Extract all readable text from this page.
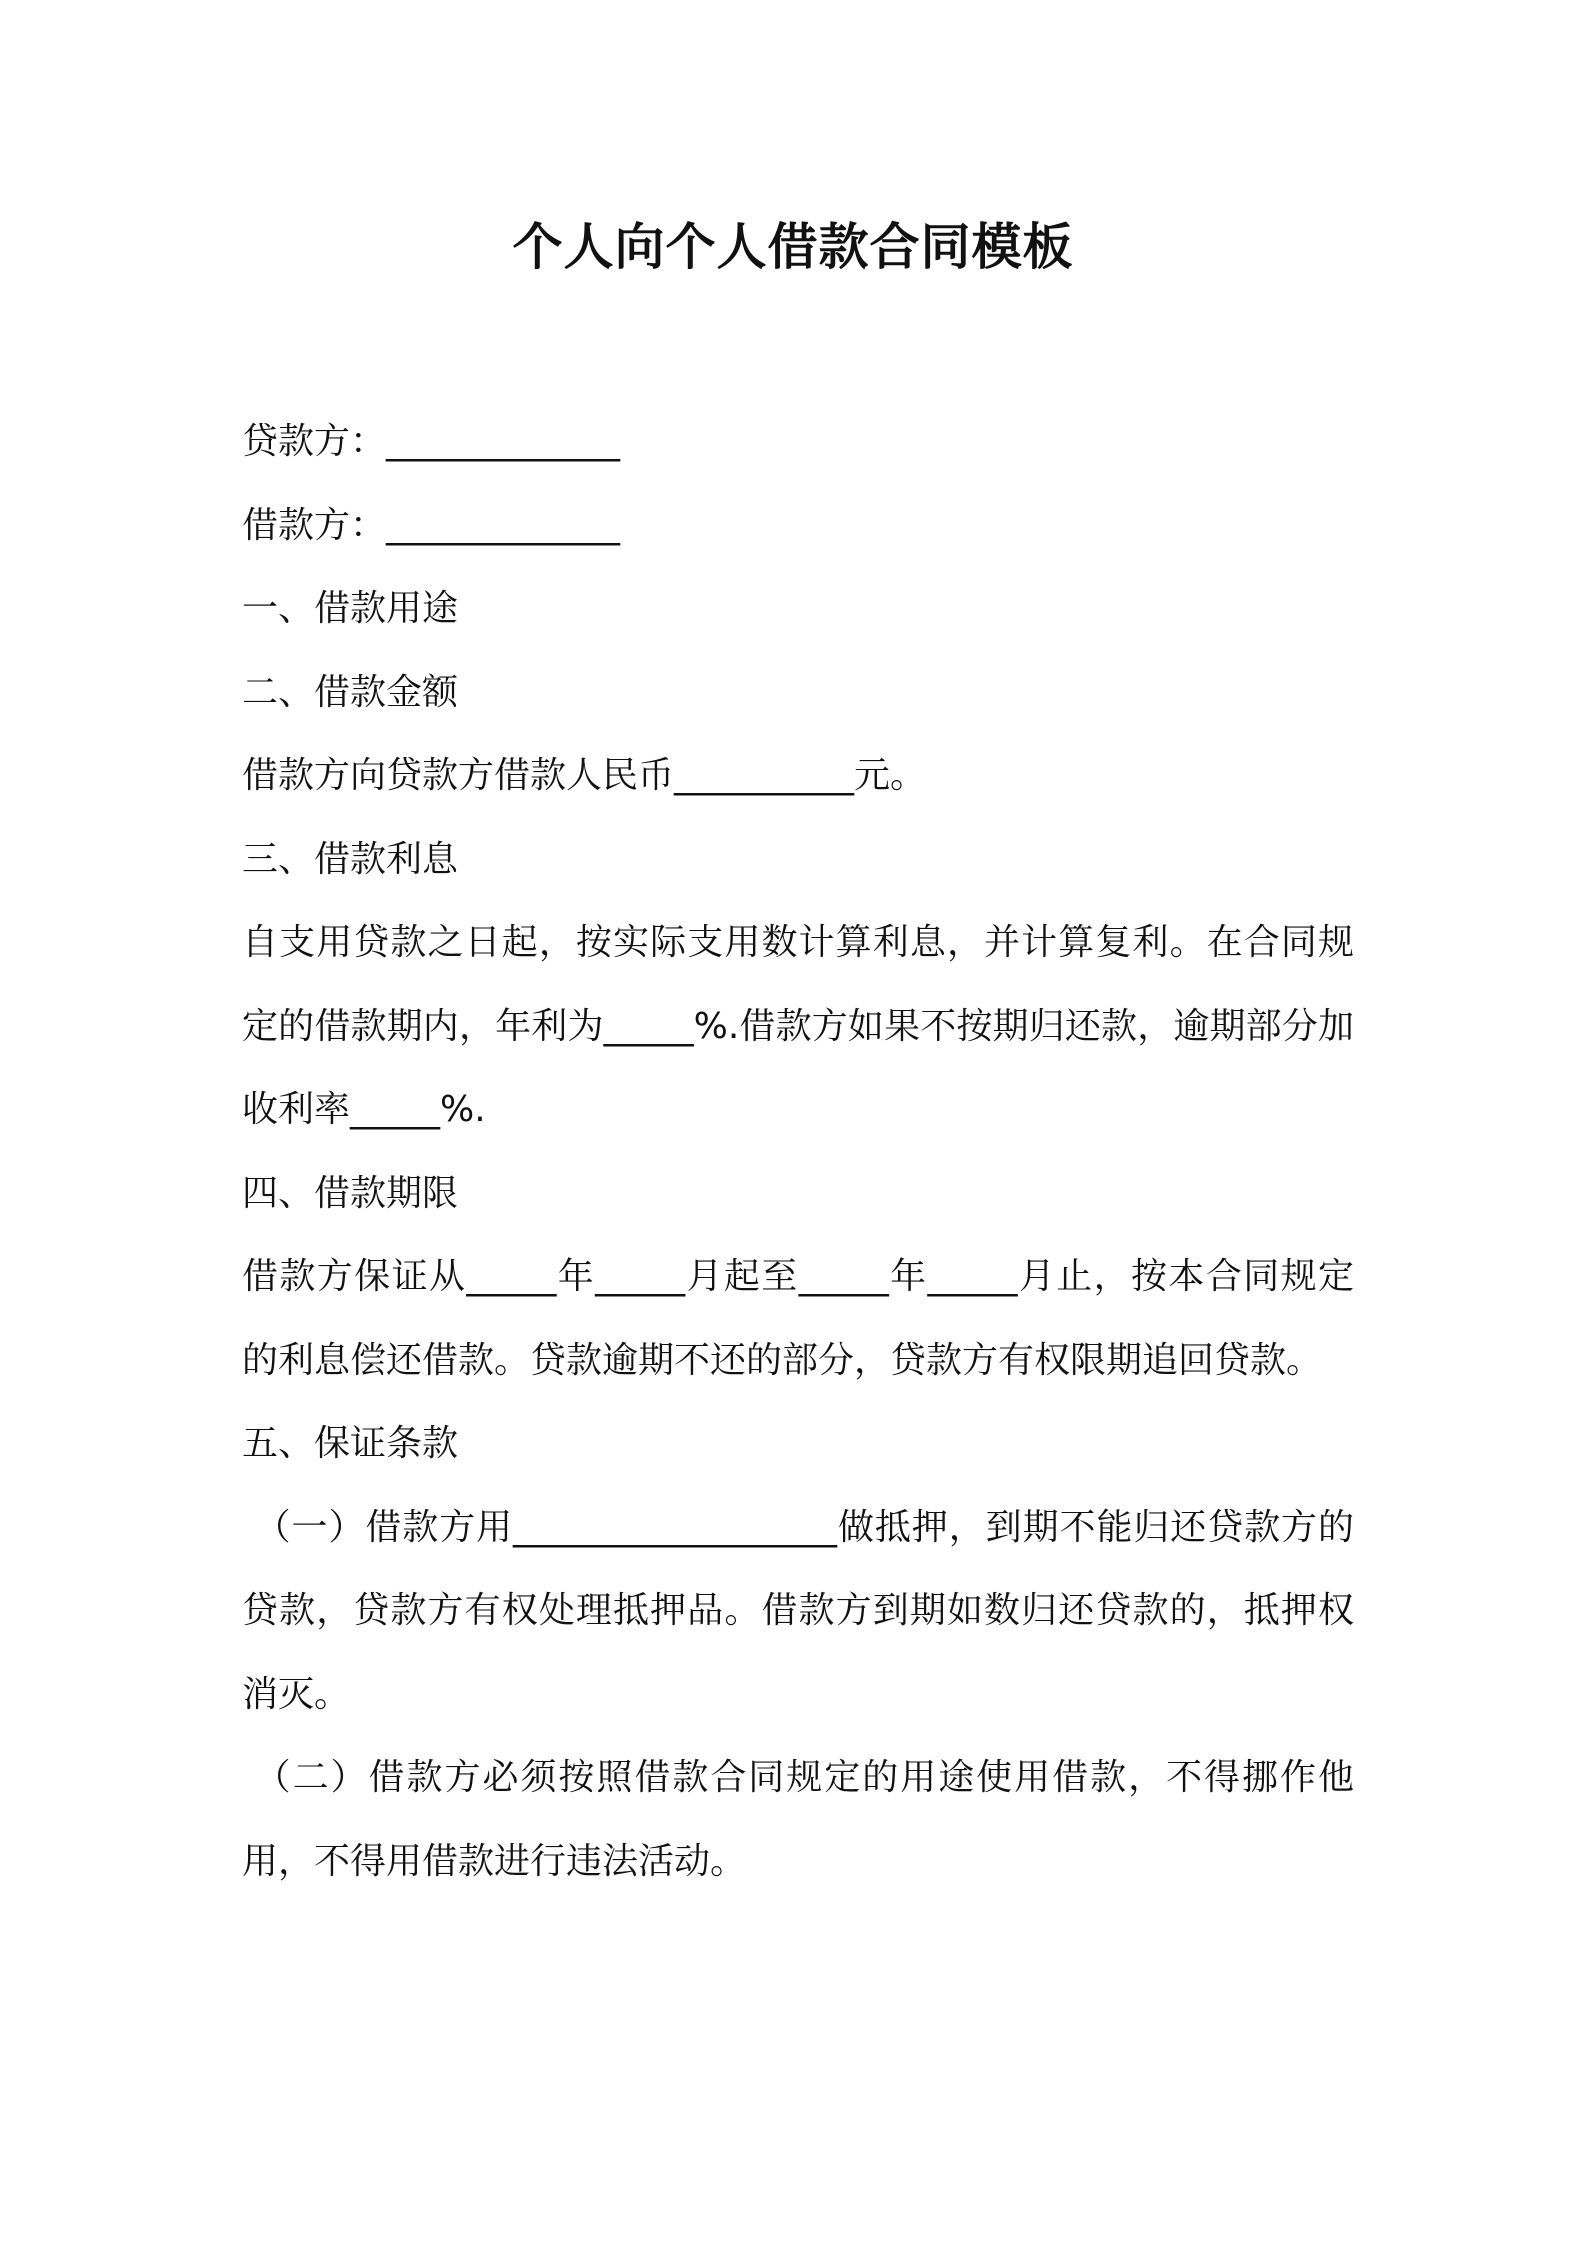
个人向个人借款合同模板

贷款方：_____________

借款方：_____________

一、借款用途

二、借款金额

借款方向贷款方借款人民币__________元。

三、借款利息

自支用贷款之日起，按实际支用数计算利息，并计算复利。在合同规定的借款期内，年利为_____%.借款方如果不按期归还款，逾期部分加收利率_____%.

四、借款期限

借款方保证从_____年_____月起至_____年_____月止，按本合同规定的利息偿还借款。贷款逾期不还的部分，贷款方有权限期追回贷款。

五、保证条款

（一）借款方用__________________做抵押，到期不能归还贷款方的贷款，贷款方有权处理抵押品。借款方到期如数归还贷款的，抵押权消灭。

（二）借款方必须按照借款合同规定的用途使用借款，不得挪作他用，不得用借款进行违法活动。
